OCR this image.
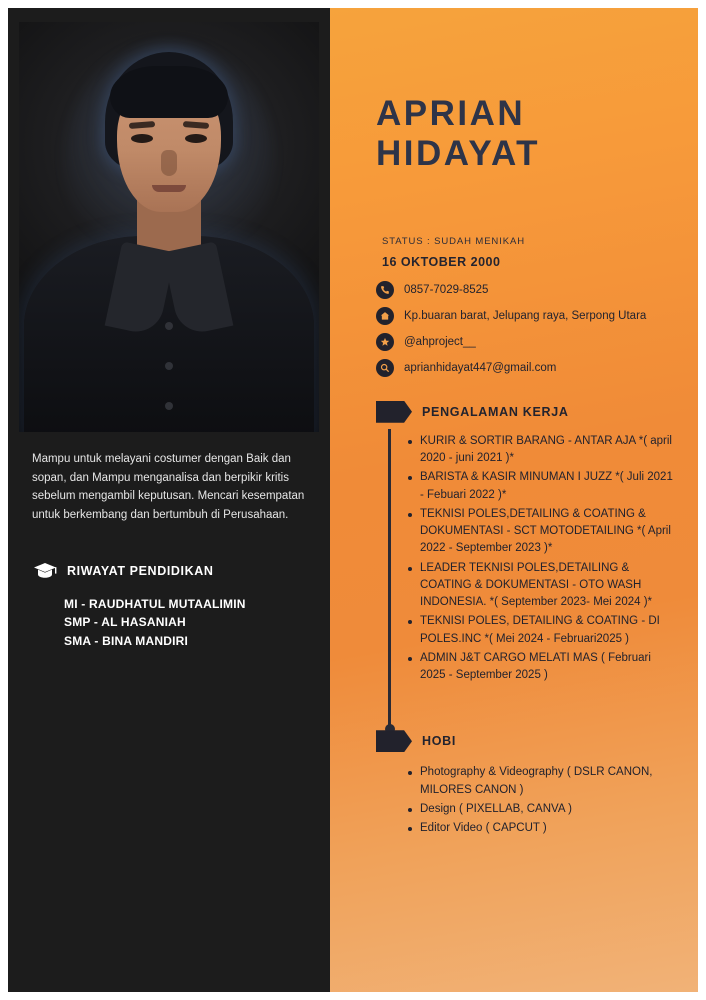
Mampu untuk melayani costumer dengan Baik dan sopan, dan Mampu menganalisa dan berpikir kritis sebelum mengambil keputusan. Mencari kesempatan untuk berkembang dan bertumbuh di Perusahaan.
RIWAYAT PENDIDIKAN
MI - RAUDHATUL MUTAALIMIN
SMP - AL HASANIAH
SMA - BINA MANDIRI
APRIAN
HIDAYAT
STATUS : SUDAH MENIKAH
16 OKTOBER 2000
0857-7029-8525
Kp.buaran barat, Jelupang raya, Serpong Utara
@ahproject__
aprianhidayat447@gmail.com
PENGALAMAN KERJA
KURIR & SORTIR BARANG - ANTAR AJA *( april 2020 - juni 2021 )*
BARISTA & KASIR MINUMAN I JUZZ *( Juli 2021 - Febuari 2022 )*
TEKNISI POLES,DETAILING & COATING & DOKUMENTASI - SCT MOTODETAILING *( April 2022 - September 2023 )*
LEADER TEKNISI POLES,DETAILING & COATING & DOKUMENTASI - OTO WASH INDONESIA. *( September 2023- Mei 2024 )*
TEKNISI POLES, DETAILING & COATING - DI POLES.INC *( Mei 2024 - Februari2025 )
ADMIN J&T CARGO MELATI MAS ( Februari 2025 - September 2025 )
HOBI
Photography & Videography ( DSLR CANON, MILORES CANON )
Design ( PIXELLAB, CANVA )
Editor Video ( CAPCUT )
